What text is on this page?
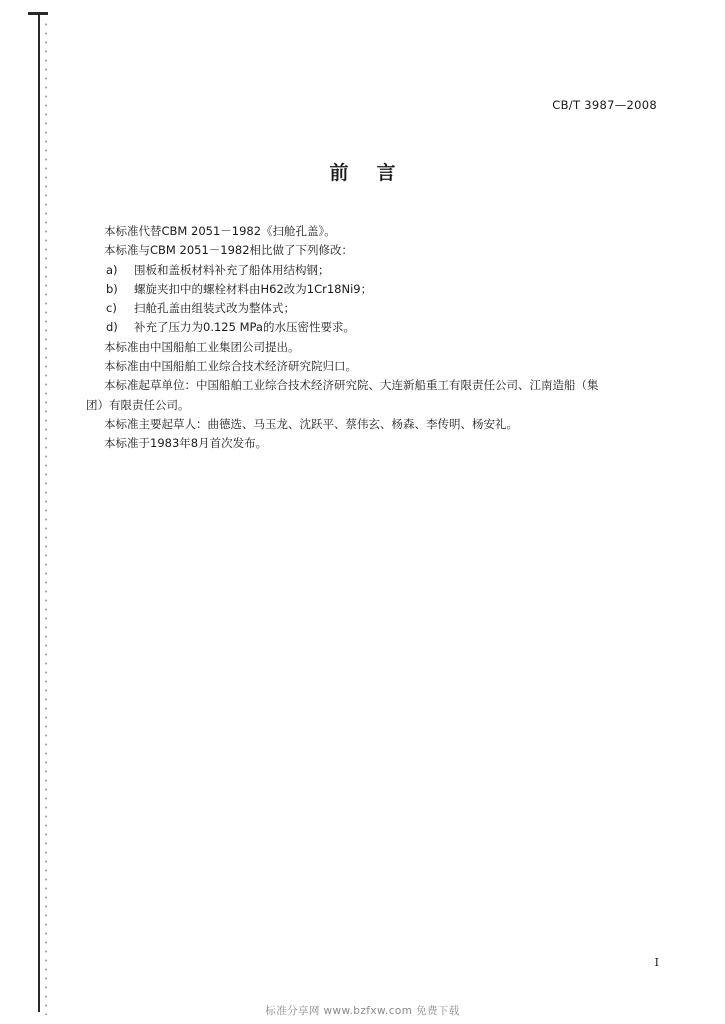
CB/T 3987—2008
前言

本标准代替CBM 2051－1982《扫舱孔盖》。

本标准与CBM 2051－1982相比做了下列修改：

a)	围板和盖板材料补充了船体用结构钢；
b)	螺旋夹扣中的螺栓材料由H62改为1Cr18Ni9；
c)	扫舱孔盖由组装式改为整体式；
d)	补充了压力为0.125 MPa的水压密性要求。

本标准由中国船舶工业集团公司提出。

本标准由中国船舶工业综合技术经济研究院归口。

本标准起草单位：中国船舶工业综合技术经济研究院、大连新船重工有限责任公司、江南造船（集

团）有限责任公司。

本标准主要起草人：曲德选、马玉龙、沈跃平、蔡伟玄、杨森、李传明、杨安礼。

本标准于1983年8月首次发布。

I
标准分享网 www.bzfxw.com 免费下载
